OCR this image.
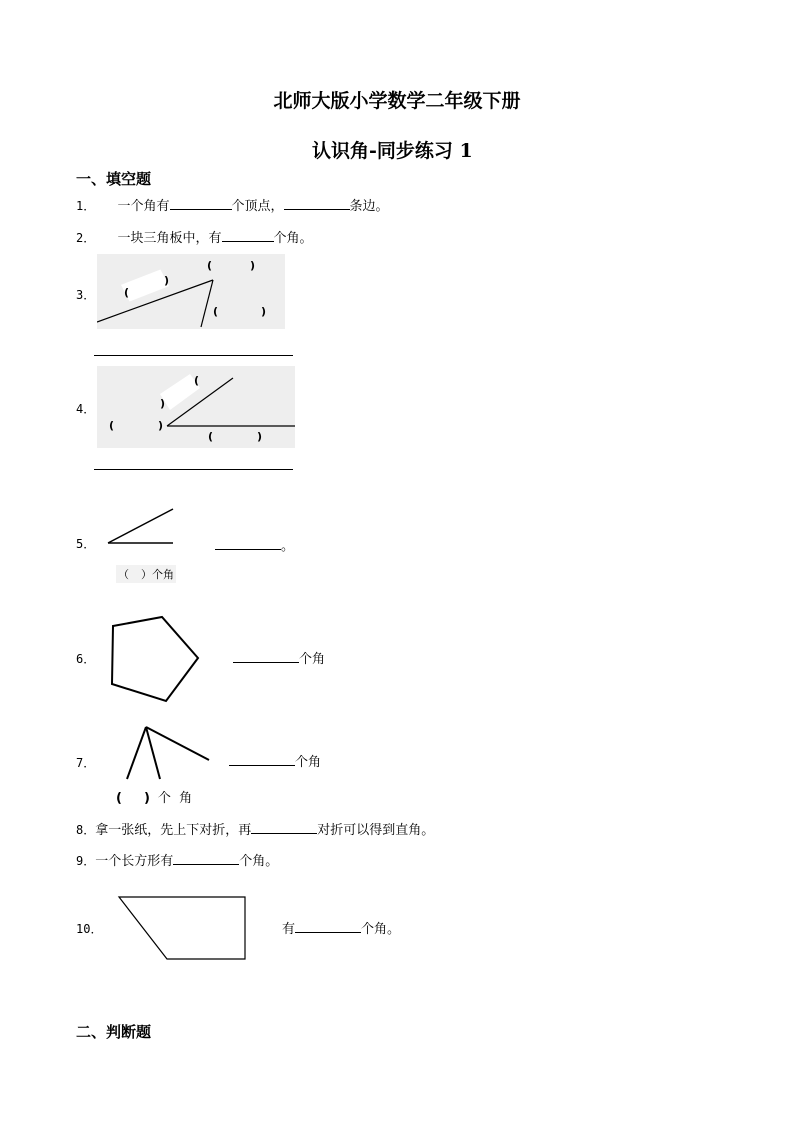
北师大版小学数学二年级下册
认识角-同步练习 1
一、填空题
1． 一个角有	个顶点，	条边。
2． 一块三角板中，有	个角。
3．
(	)
(
)
(	)
4．
(
)
(	)
(	)
5．	。
（ ）个角
6．	个角
7．	个角
( ) 个  角
8．拿一张纸，先上下对折，再	对折可以得到直角。
9．一个长方形有	个角。
10．	有	个角。
二、判断题
